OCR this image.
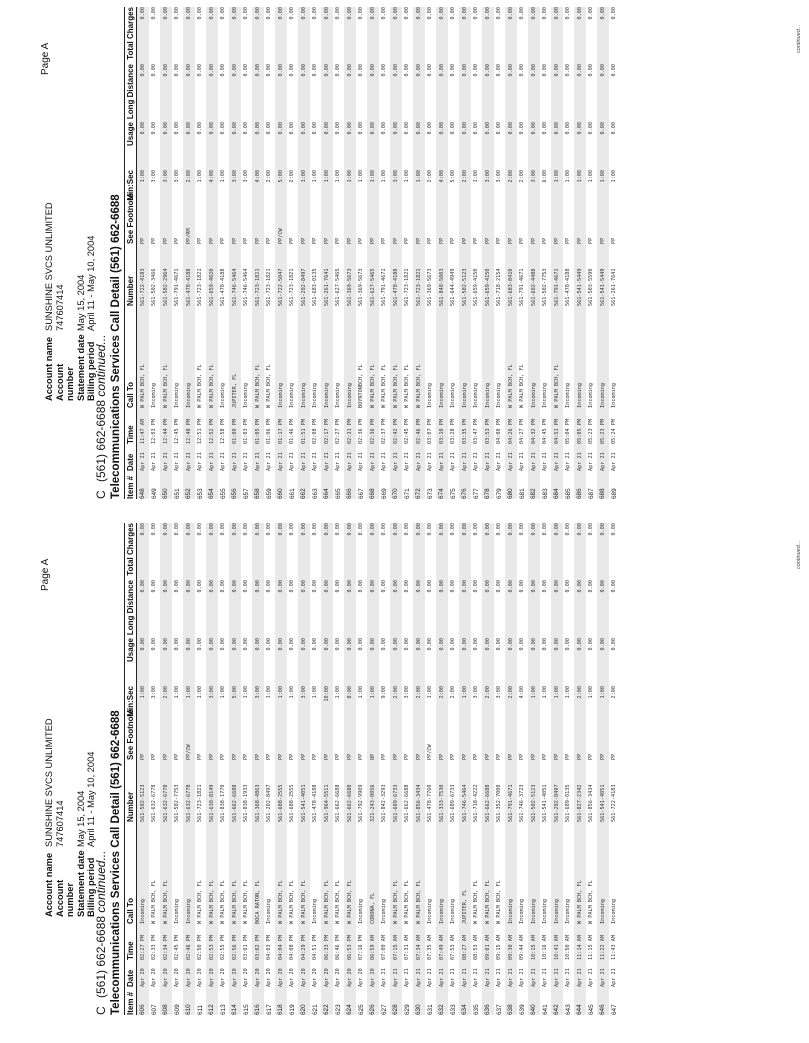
Page A
Account name
SUNSHINE SVCS UNLIMITED
Account number
747607414
Statement date
May 15, 2004
Billing period
April 11 - May 10, 2004
C (561) 662-6688 continued... Telecommunications Services Call Detail (561) 662-6688 Item #	Date	Time	Call To	Number	See Footnote	Min:Sec	Usage	Long Distance	Total Charges
606	Apr 20	02:27 PM	Incoming	561-502-5123	PP	1:00	0.00	0.00	0.00
607	Apr 20	02:33 PM	W PALM BCH, FL	561-632-6778	PP	3:00	0.00	0.00	0.00
608	Apr 20	02:34 PM	W PALM BCH, FL	561-632-6778	PP	2:00	0.00	0.00	0.00
609	Apr 20	02:45 PM	Incoming	561-502-7753	PP	1:00	0.00	0.00	0.00
610	Apr 20	02:46 PM	Incoming	561-632-6778	PP/CW	1:00	0.00	0.00	0.00
611	Apr 20	02:50 PM	W PALM BCH, FL	561-723-1821	PP	1:00	0.00	0.00	0.00
612	Apr 20	02:53 PM	W PALM BCH, FL	561-630-8149	PP	3:00	0.00	0.00	0.00
613	Apr 20	02:55 PM	W PALM BCH, FL	561-838-1770	PP	1:00	0.00	0.00	0.00
614	Apr 20	02:56 PM	W PALM BCH, FL	561-662-6688	PP	5:00	0.00	0.00	0.00
615	Apr 20	03:01 PM	W PALM BCH, FL	561-838-1933	PP	1:00	0.00	0.00	0.00
616	Apr 20	03:02 PM	BOCA RATON, FL	561-368-4863	PP	3:00	0.00	0.00	0.00
617	Apr 20	04:03 PM	Incoming	561-202-8497	PP	1:00	0.00	0.00	0.00
618	Apr 20	04:04 PM	W PALM BCH, FL	561-688-2555	PP	1:00	0.00	0.00	0.00
619	Apr 20	04:08 PM	W PALM BCH, FL	561-688-2555	PP	1:00	0.00	0.00	0.00
620	Apr 20	04:29 PM	W PALM BCH, FL	561-541-4051	PP	3:00	0.00	0.00	0.00
621	Apr 20	04:51 PM	Incoming	561-478-4188	PP	1:00	0.00	0.00	0.00
622	Apr 20	06:33 PM	W PALM BCH, FL	561-964-5511	PP	10:00	0.00	0.00	0.00
623	Apr 20	06:46 PM	W PALM BCH, FL	561-662-6688	PP	1:00	0.00	0.00	0.00
624	Apr 20	06:53 PM	W PALM BCH, FL	561-662-6688	PP	8:00	0.00	0.00	0.00
625	Apr 20	07:16 PM	Incoming	561-792-9909	PP	1:00	0.00	0.00	0.00
626	Apr 20	06:59 AM	CORONA, FL	321-243-0056	OP	1:00	0.00	0.00	0.00
627	Apr 21	07:00 AM	Incoming	561-842-3293	PP	9:00	0.00	0.00	0.00
628	Apr 21	07:15 AM	W PALM BCH, FL	561-689-6733	PP	2:00	0.00	0.00	0.00
629	Apr 21	07:31 AM	W PALM BCH, FL	561-662-6688	PP	3:00	0.00	0.00	0.00
630	Apr 21	07:34 AM	W PALM BCH, FL	561-856-3434	PP	2:00	0.00	0.00	0.00
631	Apr 21	07:35 AM	Incoming	561-478-7760	PP/CW	1:00	0.00	0.00	0.00
632	Apr 21	07:49 AM	Incoming	561-333-7530	PP	2:00	0.00	0.00	0.00
633	Apr 21	07:53 AM	Incoming	561-689-6733	PP	2:00	0.00	0.00	0.00
634	Apr 21	08:27 AM	JUPITER, FL	561-746-5464	PP	1:00	0.00	0.00	0.00
635	Apr 21	08:53 AM	W PALM BCH, FL	561-718-4222	PP	3:00	0.00	0.00	0.00
636	Apr 21	09:01 AM	W PALM BCH, FL	561-662-6688	PP	2:00	0.00	0.00	0.00
637	Apr 21	09:15 AM	W PALM BCH, FL	561-352-7000	PP	3:00	0.00	0.00	0.00
638	Apr 21	09:30 AM	Incoming	561-791-4671	PP	2:00	0.00	0.00	0.00
639	Apr 21	09:44 AM	Incoming	561-746-3723	PP	4:00	0.00	0.00	0.00
640	Apr 21	10:15 AM	Incoming	561-502-5123	PP	1:00	0.00	0.00	0.00
641	Apr 21	10:16 AM	Incoming	561-541-4051	PP	1:00	0.00	0.00	0.00
642	Apr 21	10:41 AM	Incoming	561-202-8497	PP	1:00	0.00	0.00	0.00
643	Apr 21	10:50 AM	Incoming	561-689-0135	PP	1:00	0.00	0.00	0.00
644	Apr 21	11:14 AM	W PALM BCH, FL	561-827-2342	PP	2:00	0.00	0.00	0.00
645	Apr 21	11:15 AM	W PALM BCH, FL	561-856-3434	PP	1:00	0.00	0.00	0.00
646	Apr 21	11:22 AM	Incoming	561-541-4051	PP	1:00	0.00	0.00	0.00
647	Apr 21	11:43 AM	Incoming	561-722-4183	PP	2:00	0.00	0.00	0.00
continued...
Page A
Account name
SUNSHINE SVCS UNLIMITED
Account number
747607414
Statement date
May 15, 2004
Billing period
April 11 - May 10, 2004
C (561) 662-6688 continued... Telecommunications Services Call Detail (561) 662-6688 Item #	Date	Time	Call To	Number	See Footnote	Min:Sec	Usage	Long Distance	Total Charges
648	Apr 21	11:47 AM	W PALM BCH, FL	561-722-4183	PP	1:00	0.00	0.00	0.00
649	Apr 21	12:03 PM	Incoming	561-502-3466	PP	3:00	0.00	0.00	0.00
650	Apr 21	12:44 PM	W PALM BCH, FL	561-582-2964	PP	3:00	0.00	0.00	0.00
651	Apr 21	12:45 PM	Incoming	561-791-4671	PP	3:00	0.00	0.00	0.00
652	Apr 21	12:48 PM	Incoming	561-478-4188	PP/RM	2:00	0.00	0.00	0.00
653	Apr 21	12:51 PM	W PALM BCH, FL	561-723-1821	PP	1:00	0.00	0.00	0.00
654	Apr 21	12:52 PM	W PALM BCH, FL	561-659-4020	PP	4:00	0.00	0.00	0.00
655	Apr 21	12:58 PM	Incoming	561-478-4188	PP	1:00	0.00	0.00	0.00
656	Apr 21	01:00 PM	JUPITER, FL	561-746-5464	PP	3:00	0.00	0.00	0.00
657	Apr 21	01:03 PM	Incoming	561-746-5464	PP	3:00	0.00	0.00	0.00
658	Apr 21	01:05 PM	W PALM BCH, FL	561-723-1821	PP	4:00	0.00	0.00	0.00
659	Apr 21	01:06 PM	W PALM BCH, FL	561-723-1821	PP	2:00	0.00	0.00	0.00
660	Apr 21	01:17 PM	Incoming	561-722-5047	PP/CW	5:00	0.00	0.00	0.00
661	Apr 21	01:46 PM	Incoming	561-723-1821	PP	2:00	0.00	0.00	0.00
662	Apr 21	01:51 PM	Incoming	561-202-8497	PP	1:00	0.00	0.00	0.00
663	Apr 21	02:08 PM	Incoming	561-683-0135	PP	1:00	0.00	0.00	0.00
664	Apr 21	02:17 PM	Incoming	561-261-7641	PP	1:00	0.00	0.00	0.00
665	Apr 21	02:27 PM	Incoming	561-627-5465	PP	1:00	0.00	0.00	0.00
666	Apr 21	02:31 PM	Incoming	561-369-5673	PP	1:00	0.00	0.00	0.00
667	Apr 21	02:36 PM	BOYNTONBCH, FL	561-369-5673	PP	1:00	0.00	0.00	0.00
668	Apr 21	02:36 PM	W PALM BCH, FL	561-627-5465	PP	1:00	0.00	0.00	0.00
669	Apr 21	02:37 PM	W PALM BCH, FL	561-791-4671	PP	1:00	0.00	0.00	0.00
670	Apr 21	02:42 PM	W PALM BCH, FL	561-478-4188	PP	3:00	0.00	0.00	0.00
671	Apr 21	02:45 PM	W PALM BCH, FL	561-723-1821	PP	1:00	0.00	0.00	0.00
672	Apr 21	02:46 PM	W PALM BCH, FL	561-723-1821	PP	1:00	0.00	0.00	0.00
673	Apr 21	03:07 PM	Incoming	561-369-5673	PP	2:00	0.00	0.00	0.00
674	Apr 21	03:10 PM	Incoming	561-848-5003	PP	4:00	0.00	0.00	0.00
675	Apr 21	03:28 PM	Incoming	561-644-4949	PP	5:00	0.00	0.00	0.00
676	Apr 21	03:35 PM	Incoming	561-502-5123	PP	2:00	0.00	0.00	0.00
677	Apr 21	03:47 PM	Incoming	561-659-4150	PP	1:00	0.00	0.00	0.00
678	Apr 21	03:53 PM	Incoming	561-659-4150	PP	3:00	0.00	0.00	0.00
679	Apr 21	04:00 PM	Incoming	561-718-2154	PP	3:00	0.00	0.00	0.00
680	Apr 21	04:26 PM	W PALM BCH, FL	561-683-8410	PP	2:00	0.00	0.00	0.00
681	Apr 21	04:27 PM	W PALM BCH, FL	561-791-4671	PP	2:00	0.00	0.00	0.00
682	Apr 21	04:32 PM	Incoming	561-602-4488	PP	3:00	0.00	0.00	0.00
683	Apr 21	04:45 PM	Incoming	561-502-7753	PP	6:00	0.00	0.00	0.00
684	Apr 21	04:51 PM	W PALM BCH, FL	561-791-4671	PP	1:00	0.00	0.00	0.00
685	Apr 21	05:04 PM	Incoming	561-478-4188	PP	1:00	0.00	0.00	0.00
686	Apr 21	05:05 PM	Incoming	561-541-5449	PP	1:00	0.00	0.00	0.00
687	Apr 21	05:23 PM	Incoming	561-503-5590	PP	1:00	0.00	0.00	0.00
688	Apr 21	05:23 PM	Incoming	561-541-5449	PP	1:00	0.00	0.00	0.00
689	Apr 21	05:24 PM	Incoming	561-261-7641	PP	1:00	0.00	0.00	0.00
continued...
